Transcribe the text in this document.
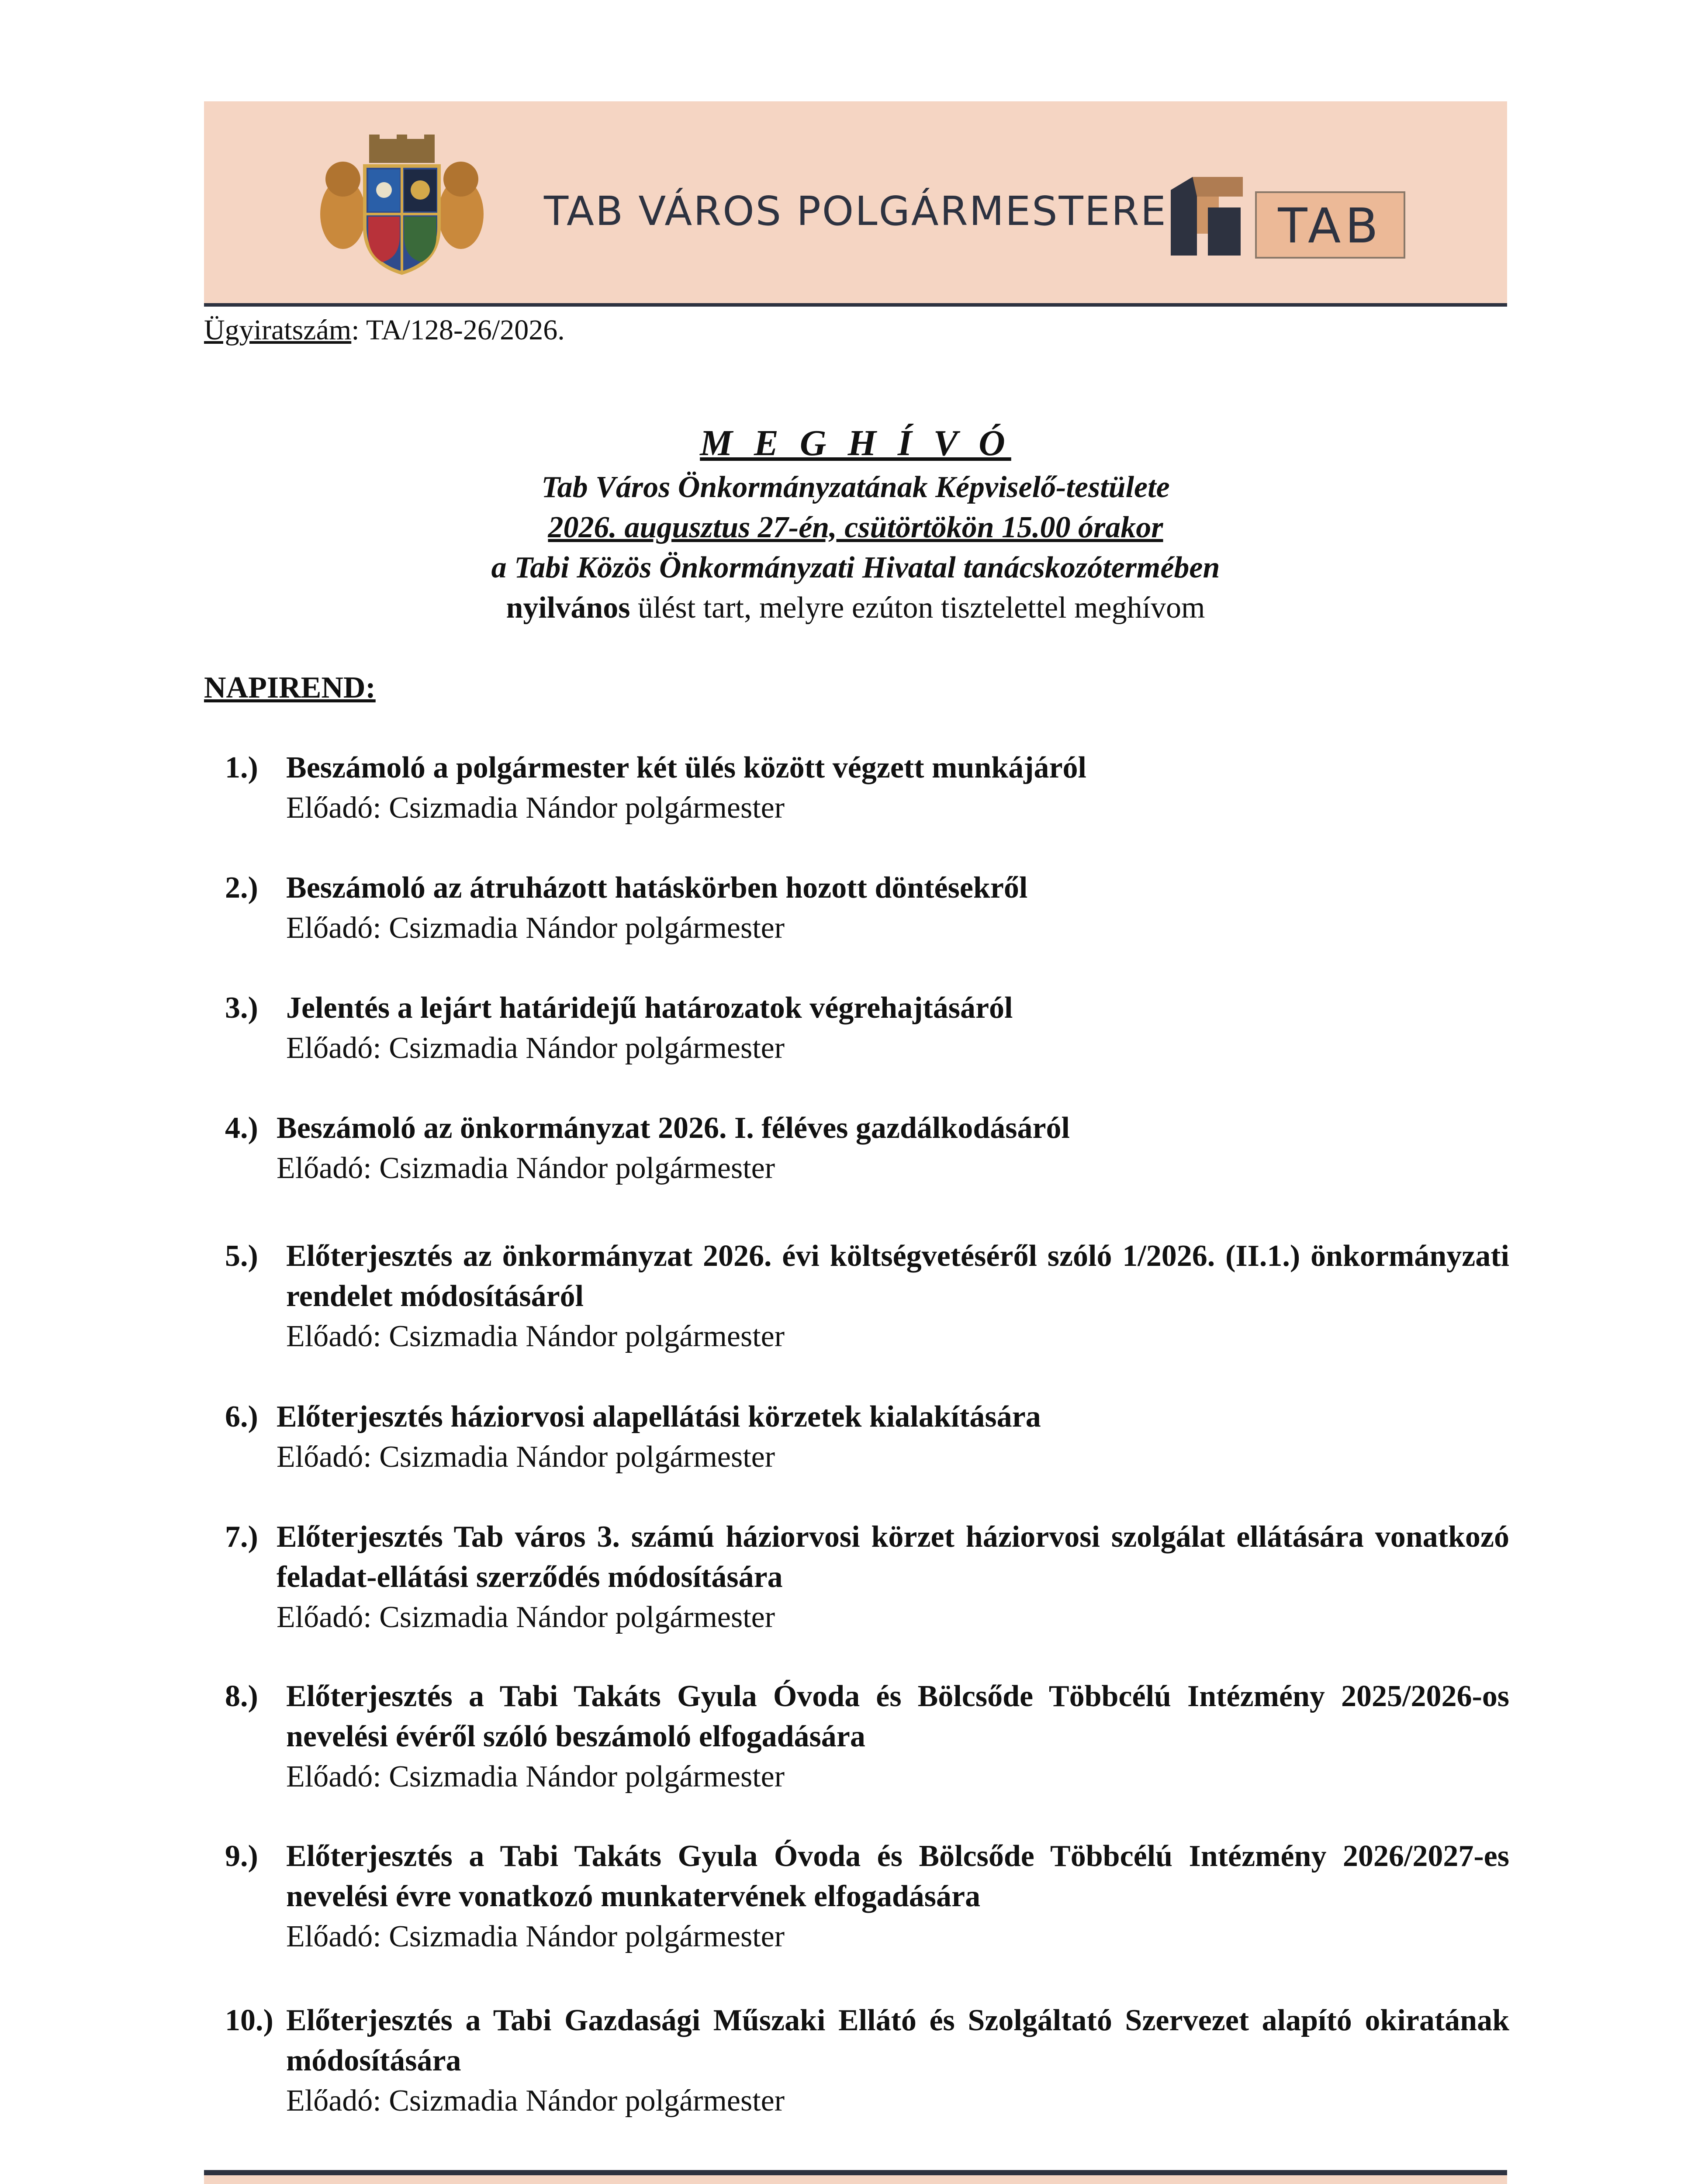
TAB VÁROS POLGÁRMESTERE TAB
Ügyiratszám: TA/128-26/2026.
M E G H Í V Ó
Tab Város Önkormányzatának Képviselő-testülete
2026. augusztus 27-én, csütörtökön 15.00 órakor
a Tabi Közös Önkormányzati Hivatal tanácskozótermében
nyilvános ülést tart, melyre ezúton tisztelettel meghívom
NAPIREND:
1.) Beszámoló a polgármester két ülés között végzett munkájáról
Előadó: Csizmadia Nándor polgármester
2.) Beszámoló az átruházott hatáskörben hozott döntésekről
Előadó: Csizmadia Nándor polgármester
3.) Jelentés a lejárt határidejű határozatok végrehajtásáról
Előadó: Csizmadia Nándor polgármester
4.) Beszámoló az önkormányzat 2026. I. féléves gazdálkodásáról
Előadó: Csizmadia Nándor polgármester
5.) Előterjesztés az önkormányzat 2026. évi költségvetéséről szóló 1/2026. (II.1.) önkormányzati rendelet módosításáról
Előadó: Csizmadia Nándor polgármester
6.) Előterjesztés háziorvosi alapellátási körzetek kialakítására
Előadó: Csizmadia Nándor polgármester
7.) Előterjesztés Tab város 3. számú háziorvosi körzet háziorvosi szolgálat ellátására vonatkozó feladat-ellátási szerződés módosítására
Előadó: Csizmadia Nándor polgármester
8.) Előterjesztés a Tabi Takáts Gyula Óvoda és Bölcsőde Többcélú Intézmény 2025/2026-os nevelési évéről szóló beszámoló elfogadására
Előadó: Csizmadia Nándor polgármester
9.) Előterjesztés a Tabi Takáts Gyula Óvoda és Bölcsőde Többcélú Intézmény 2026/2027-es nevelési évre vonatkozó munkatervének elfogadására
Előadó: Csizmadia Nándor polgármester
10.) Előterjesztés a Tabi Gazdasági Műszaki Ellátó és Szolgáltató Szervezet alapító okiratának módosítására
Előadó: Csizmadia Nándor polgármester
